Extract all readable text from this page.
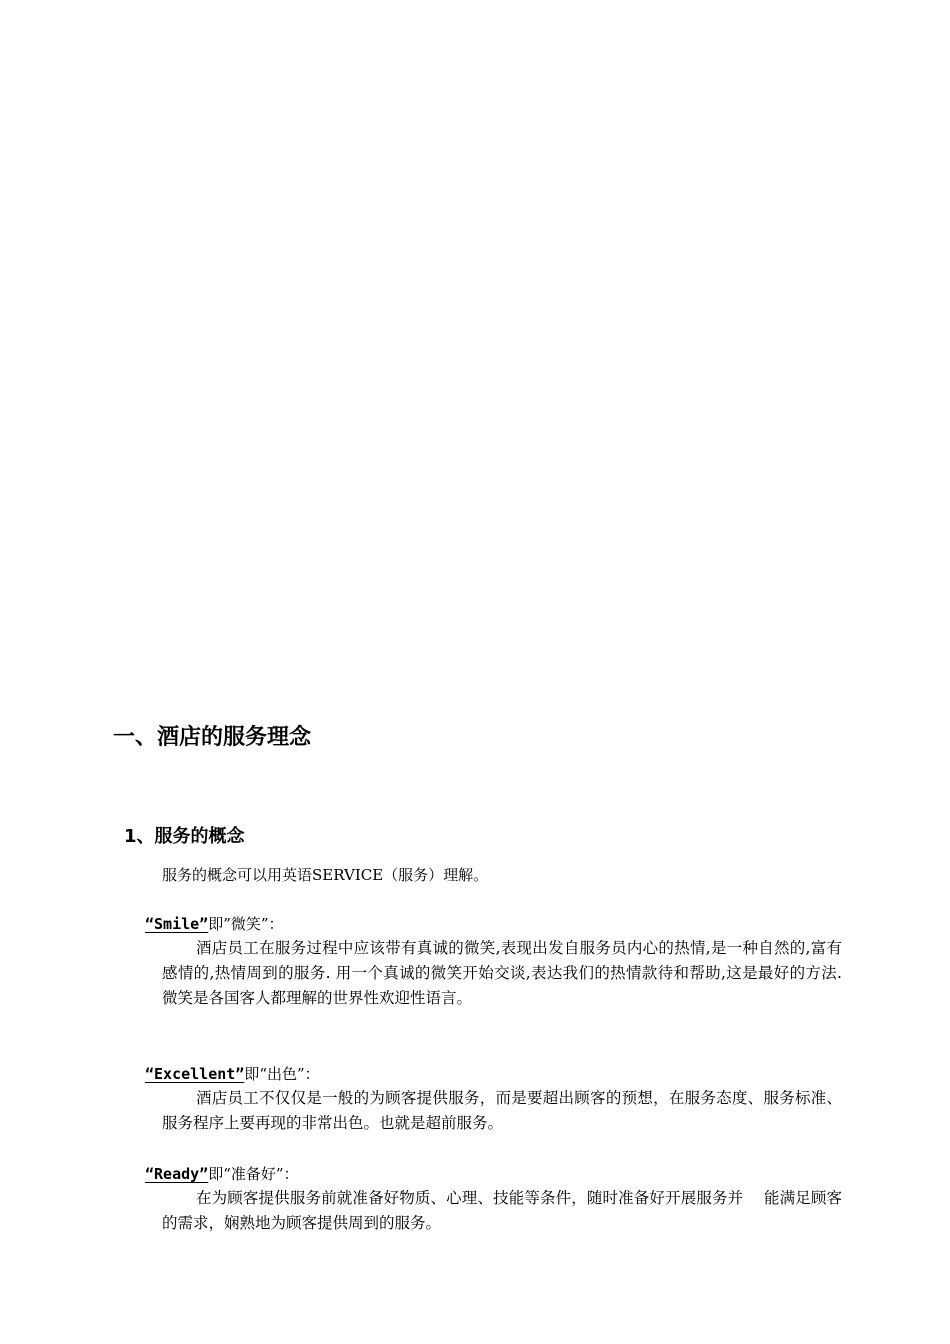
一、酒店的服务理念
1、服务的概念
服务的概念可以用英语SERVICE（服务）理解。
“Smile”即”微笑”：
酒店员工在服务过程中应该带有真诚的微笑,表现出发自服务员内心的热情,是一种自然的,富有感情的,热情周到的服务. 用一个真诚的微笑开始交谈,表达我们的热情款待和帮助,这是最好的方法.微笑是各国客人都理解的世界性欢迎性语言。
“Excellent”即“出色”：
酒店员工不仅仅是一般的为顾客提供服务，而是要超出顾客的预想，在服务态度、服务标准、服务程序上要再现的非常出色。也就是超前服务。
“Ready”即“准备好”：
在为顾客提供服务前就准备好物质、心理、技能等条件，随时准备好开展服务并　 能满足顾客的需求，娴熟地为顾客提供周到的服务。
